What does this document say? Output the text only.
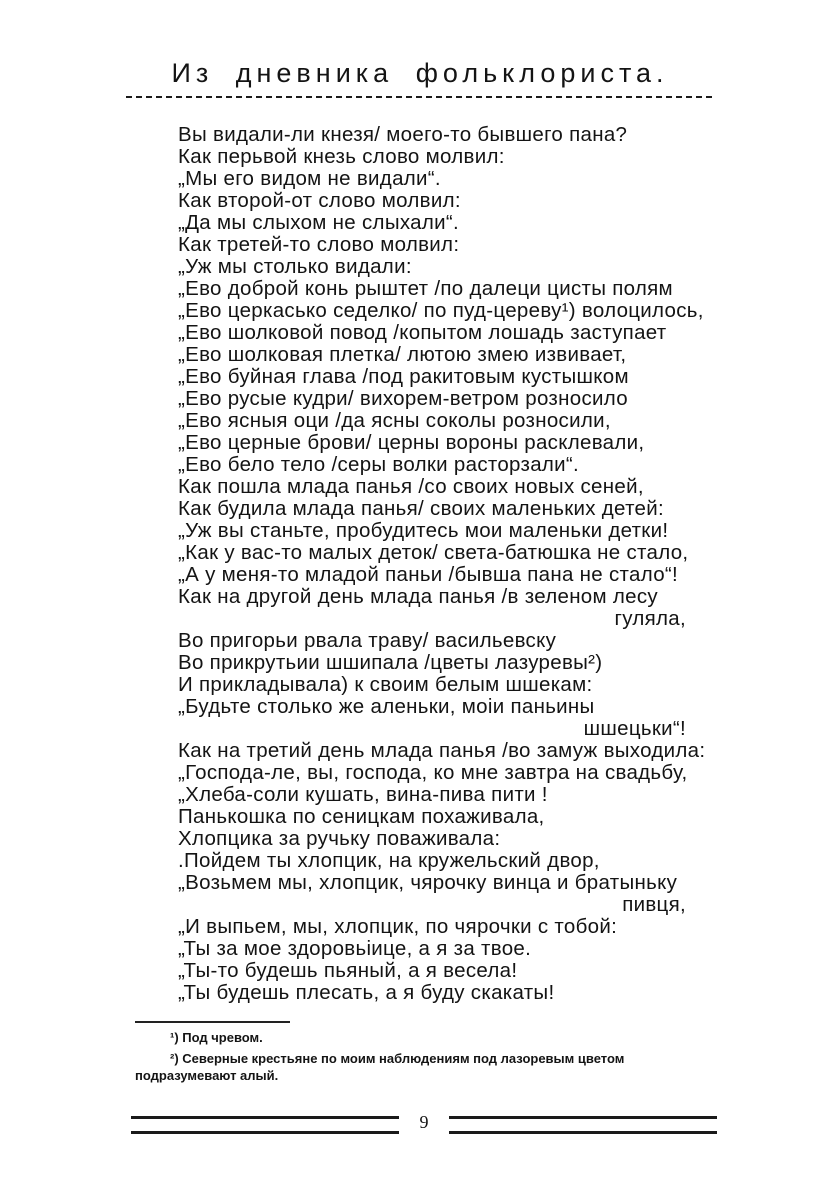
Из дневника фольклориста.
Вы видали-ли кнезя/ моего-то бывшего пана?
Как перьвой кнезь слово молвил:
„Мы его видом не видали“.
Как второй-от слово молвил:
„Да мы слыхом не слыхали“.
Как третей-то слово молвил:
„Уж мы столько видали:
„Ево доброй конь рыштет /по далеци цисты полям
„Ево церкасько седелко/ по пуд-цереву¹) волоцилось,
„Ево шолковой повод /копытом лошадь заступает
„Ево шолковая плетка/ лютою змею извивает,
„Ево буйная глава /под ракитовым кустышком
„Ево русые кудри/ вихорем-ветром розносило
„Ево ясныя оци /да ясны соколы розносили,
„Ево церные брови/ церны вороны расклевали,
„Ево бело тело /серы волки расторзали“.
Как пошла млада панья /со своих новых сеней,
Как будила млада панья/ своих маленьких детей:
„Уж вы станьте, пробудитесь мои маленьки детки!
„Как у вас-то малых деток/ света-батюшка не стало,
„А у меня-то младой паньи /бывша пана не стало“!
Как на другой день млада панья /в зеленом лесу
гуляла,
Во пригорьи рвала траву/ васильевску
Во прикрутьии шшипала /цветы лазуревы²)
И прикладывала) к своим белым шшекам:
„Будьте столько же аленьки, моiи паньины
шшецьки“!
Как на третий день млада панья /во замуж выходила:
„Господа-ле, вы, господа, ко мне завтра на свадьбу,
„Хлеба-соли кушать, вина-пива пити !
Панькошка по сеницкам похаживала,
Хлопцика за ручьку поваживала:
.Пойдем ты хлопцик, на кружельский двор,
„Возьмем мы, хлопцик, чярочку винца и братыньку
пивця,
„И выпьем, мы, хлопцик, по чярочки с тобой:
„Ты за мое здоровьiице, а я за твое.
„Ты-то будешь пьяный, а я весела!
„Ты будешь плесать, а я буду скакаты!

¹) Под чревом.

²) Северные крестьяне по моим наблюдениям под лазоревым цветом подразумевают алый.

9
